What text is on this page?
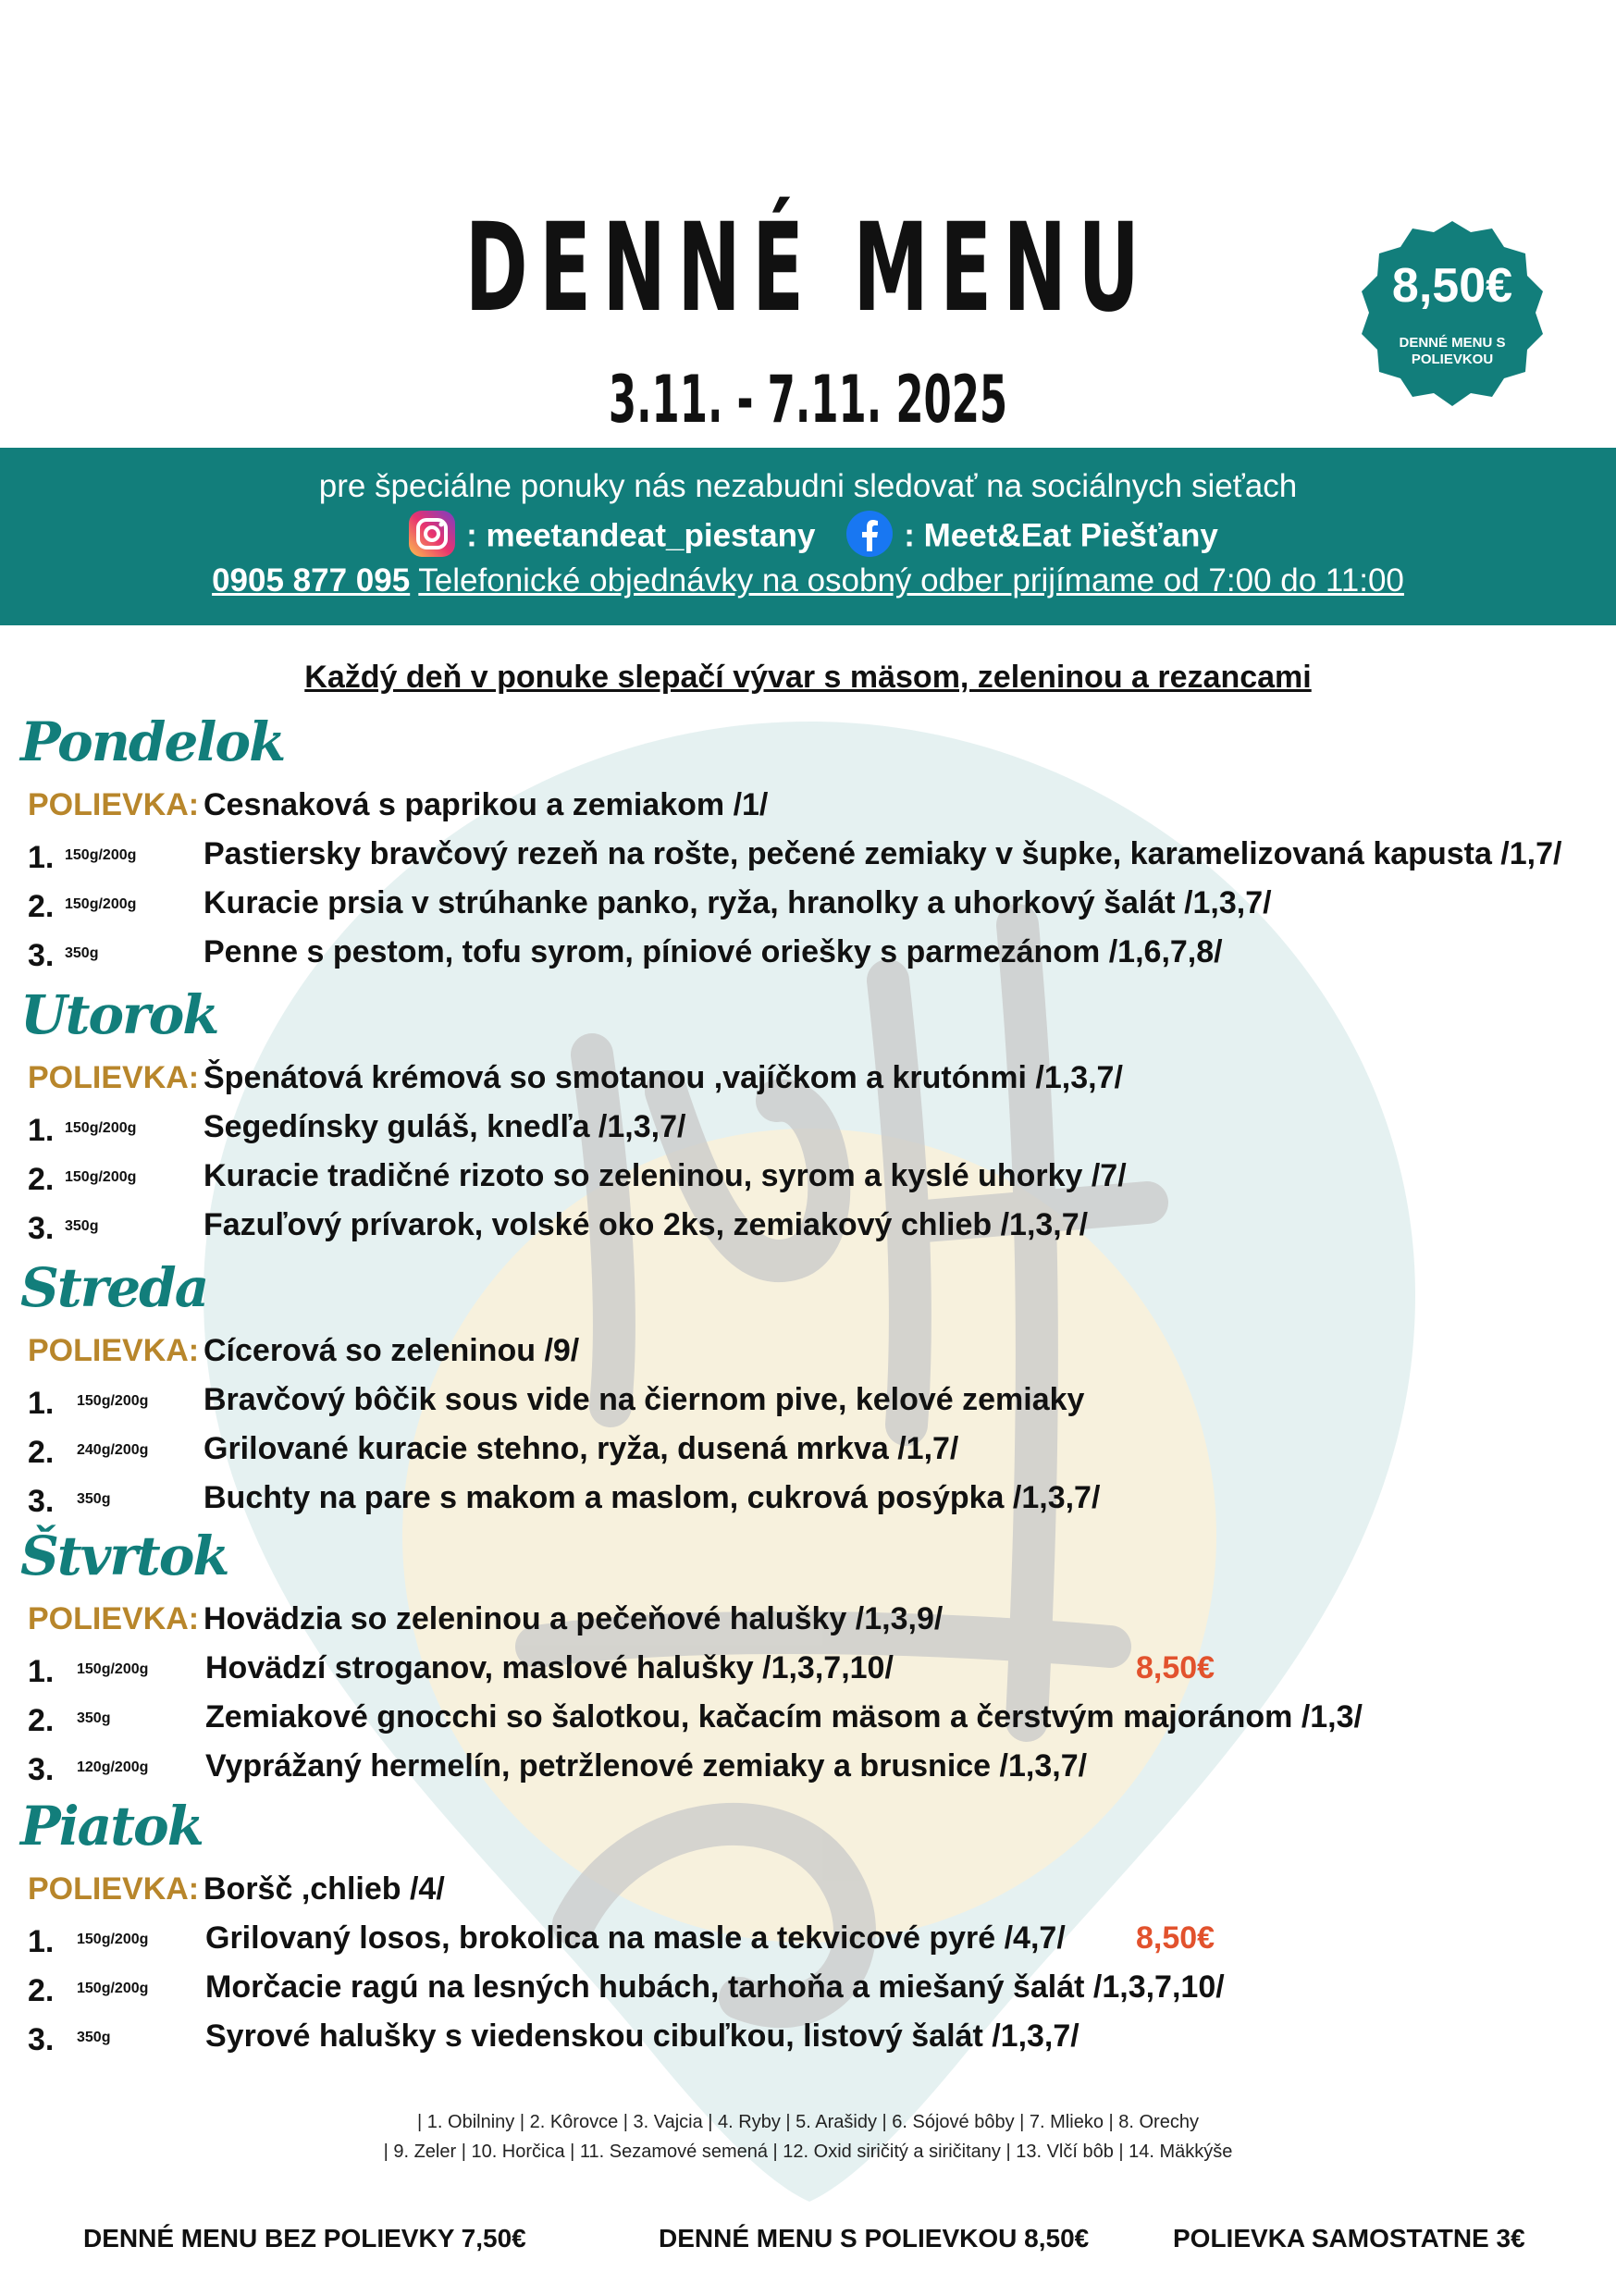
DENNÉ MENU
3.11. - 7.11. 2025
8,50€
DENNÉ MENU S POLIEVKOU
pre špeciálne ponuky nás nezabudni sledovať na sociálnych sieťach
: meetandeat_piestany	: Meet&Eat Piešťany
0905 877 095 Telefonické objednávky na osobný odber prijímame od 7:00 do 11:00
Každý deň v ponuke slepačí vývar s mäsom, zeleninou a rezancami
Pondelok
POLIEVKA: Cesnaková s paprikou a zemiakom /1/
1. 150g/200g Pastiersky bravčový rezeň na rošte, pečené zemiaky v šupke, karamelizovaná kapusta /1,7/
2. 150g/200g Kuracie prsia v strúhanke panko, ryža, hranolky a uhorkový šalát /1,3,7/
3. 350g	Penne s pestom, tofu syrom, píniové oriešky s parmezánom /1,6,7,8/
Utorok
POLIEVKA: Špenátová krémová so smotanou ,vajíčkom a krutónmi /1,3,7/
1. 150g/200g Segedínsky guláš, knedľa /1,3,7/
2. 150g/200g Kuracie tradičné rizoto so zeleninou, syrom a kyslé uhorky /7/
3. 350g	Fazuľový prívarok, volské oko 2ks, zemiakový chlieb /1,3,7/
Streda
POLIEVKA: Cícerová so zeleninou /9/
1. 150g/200g Bravčový bôčik sous vide na čiernom pive, kelové zemiaky
2. 240g/200g Grilované kuracie stehno, ryža, dusená mrkva /1,7/
3. 350g	Buchty na pare s makom a maslom, cukrová posýpka /1,3,7/
Štvrtok
POLIEVKA: Hovädzia so zeleninou a pečeňové halušky /1,3,9/
1. 150g/200g Hovädzí stroganov, maslové halušky /1,3,7,10/	8,50€
2. 350g	Zemiakové gnocchi so šalotkou, kačacím mäsom a čerstvým majoránom /1,3/
3. 120g/200g Vyprážaný hermelín, petržlenové zemiaky a brusnice /1,3,7/
Piatok
POLIEVKA: Boršč ,chlieb /4/
1. 150g/200g Grilovaný losos, brokolica na masle a tekvicové pyré /4,7/ 8,50€
2. 150g/200g Morčacie ragú na lesných hubách, tarhoňa a miešaný šalát /1,3,7,10/
3. 350g	Syrové halušky s viedenskou cibuľkou, listový šalát /1,3,7/
| 1. Obilniny | 2. Kôrovce | 3. Vajcia | 4. Ryby | 5. Arašidy | 6. Sójové bôby | 7. Mlieko | 8. Orechy
| 9. Zeler | 10. Horčica | 11. Sezamové semená | 12. Oxid siričitý a siričitany | 13. Vlčí bôb | 14. Mäkkýše
DENNÉ MENU BEZ POLIEVKY 7,50€	DENNÉ MENU S POLIEVKOU 8,50€	POLIEVKA SAMOSTATNE 3€
